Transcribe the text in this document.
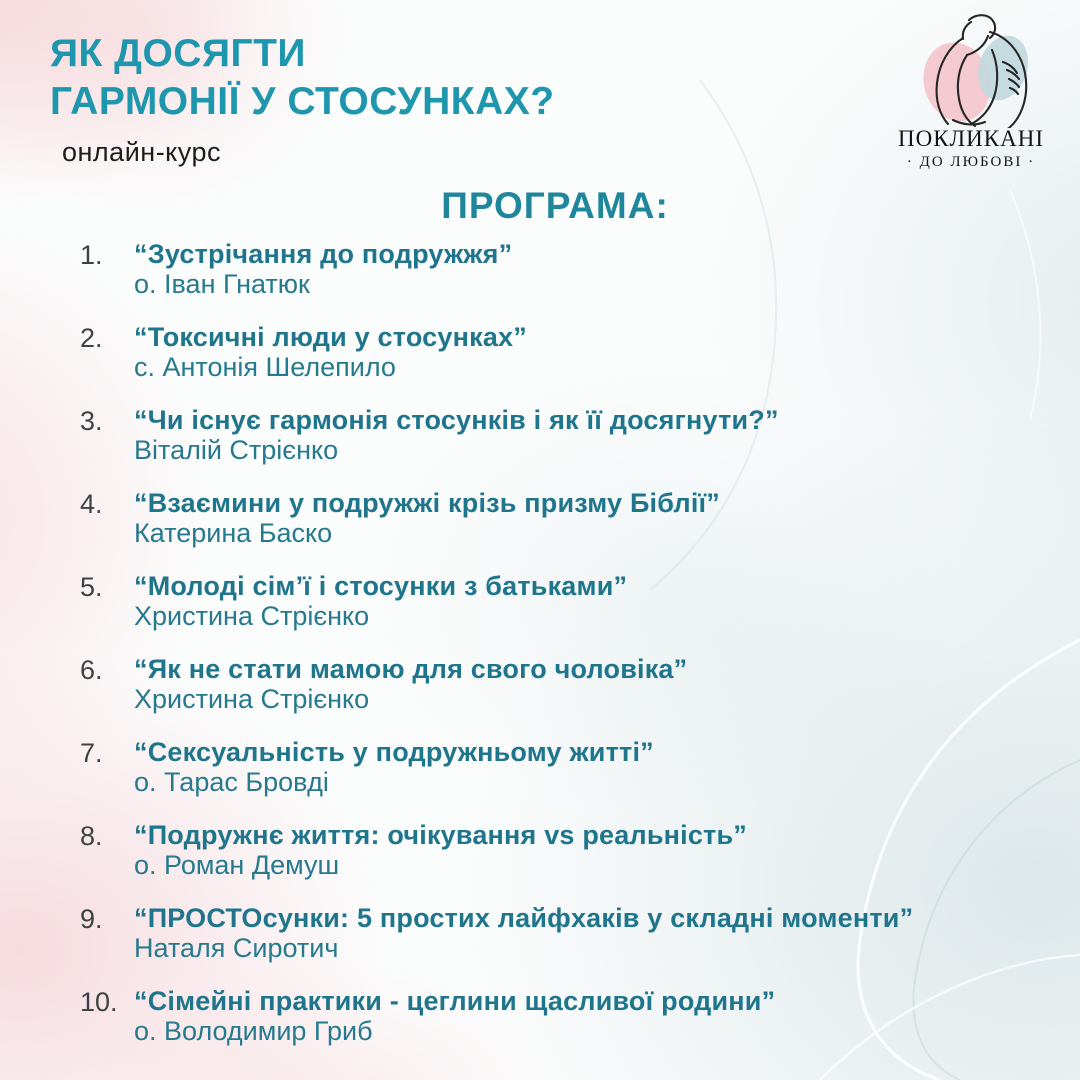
ЯК ДОСЯГТИ
ГАРМОНІЇ У СТОСУНКАХ?
онлайн-курс	ПОКЛИКАНІ
· ДО ЛЮБОВІ ·
ПРОГРАМА:
1.	“Зустрічання до подружжя”
о. Іван Гнатюк
2.	“Токсичні люди у стосунках”
с. Антонія Шелепило
3.	“Чи існує гармонія стосунків і як її досягнути?”
Віталій Стрієнко
4.	“Взаємини у подружжі крізь призму Біблії”
Катерина Баско
5.	“Молоді сім’ї і стосунки з батьками”
Христина Стрієнко
6.	“Як не стати мамою для свого чоловіка”
Христина Стрієнко
7.	“Сексуальність у подружньому житті”
о. Тарас Бровді
8.	“Подружнє життя: очікування vs реальність”
о. Роман Демуш
9.	“ПРОСТОсунки: 5 простих лайфхаків у складні моменти”
Наталя Сиротич
10. “Сімейні практики - цеглини щасливої родини”
о. Володимир Гриб
